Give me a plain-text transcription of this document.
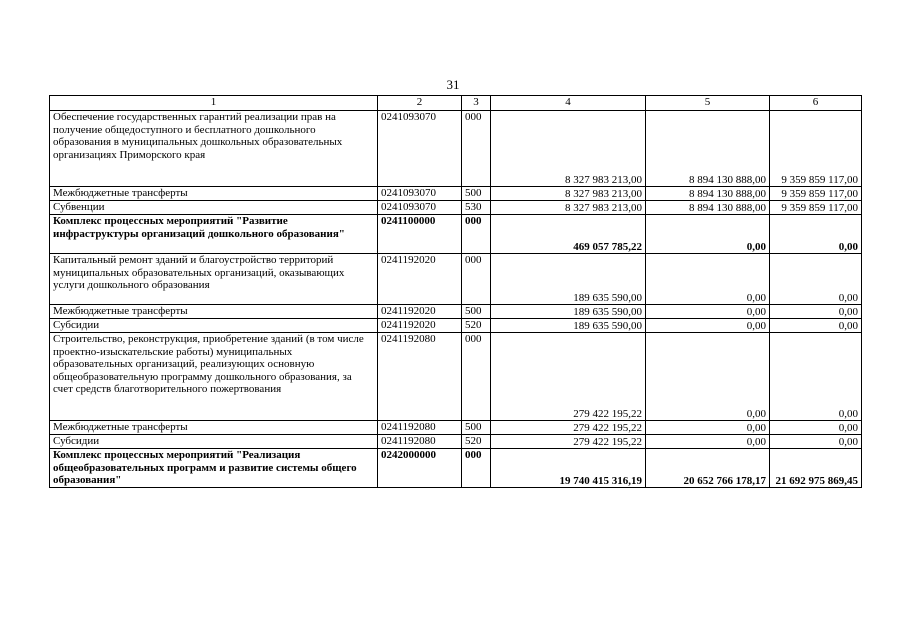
31
1	2	3	4	5	6
Обеспечение государственных гарантий реализации прав на получение общедоступного и бесплатного дошкольного образования в муниципальных дошкольных образовательных организациях Приморского края	0241093070	000	8 327 983 213,00	8 894 130 888,00	9 359 859 117,00
Межбюджетные трансферты	0241093070	500	8 327 983 213,00	8 894 130 888,00	9 359 859 117,00
Субвенции	0241093070	530	8 327 983 213,00	8 894 130 888,00	9 359 859 117,00
Комплекс процессных мероприятий "Развитие инфраструктуры организаций дошкольного образования"	0241100000	000	469 057 785,22	0,00	0,00
Капитальный ремонт зданий и благоустройство территорий муниципальных образовательных организаций, оказывающих услуги дошкольного образования	0241192020	000	189 635 590,00	0,00	0,00
Межбюджетные трансферты	0241192020	500	189 635 590,00	0,00	0,00
Субсидии	0241192020	520	189 635 590,00	0,00	0,00
Строительство, реконструкция, приобретение зданий (в том числе проектно-изыскательские работы) муниципальных образовательных организаций, реализующих основную общеобразовательную программу дошкольного образования, за счет средств благотворительного пожертвования	0241192080	000	279 422 195,22	0,00	0,00
Межбюджетные трансферты	0241192080	500	279 422 195,22	0,00	0,00
Субсидии	0241192080	520	279 422 195,22	0,00	0,00
Комплекс процессных мероприятий "Реализация общеобразовательных программ и развитие системы общего образования"	0242000000	000	19 740 415 316,19	20 652 766 178,17	21 692 975 869,45
